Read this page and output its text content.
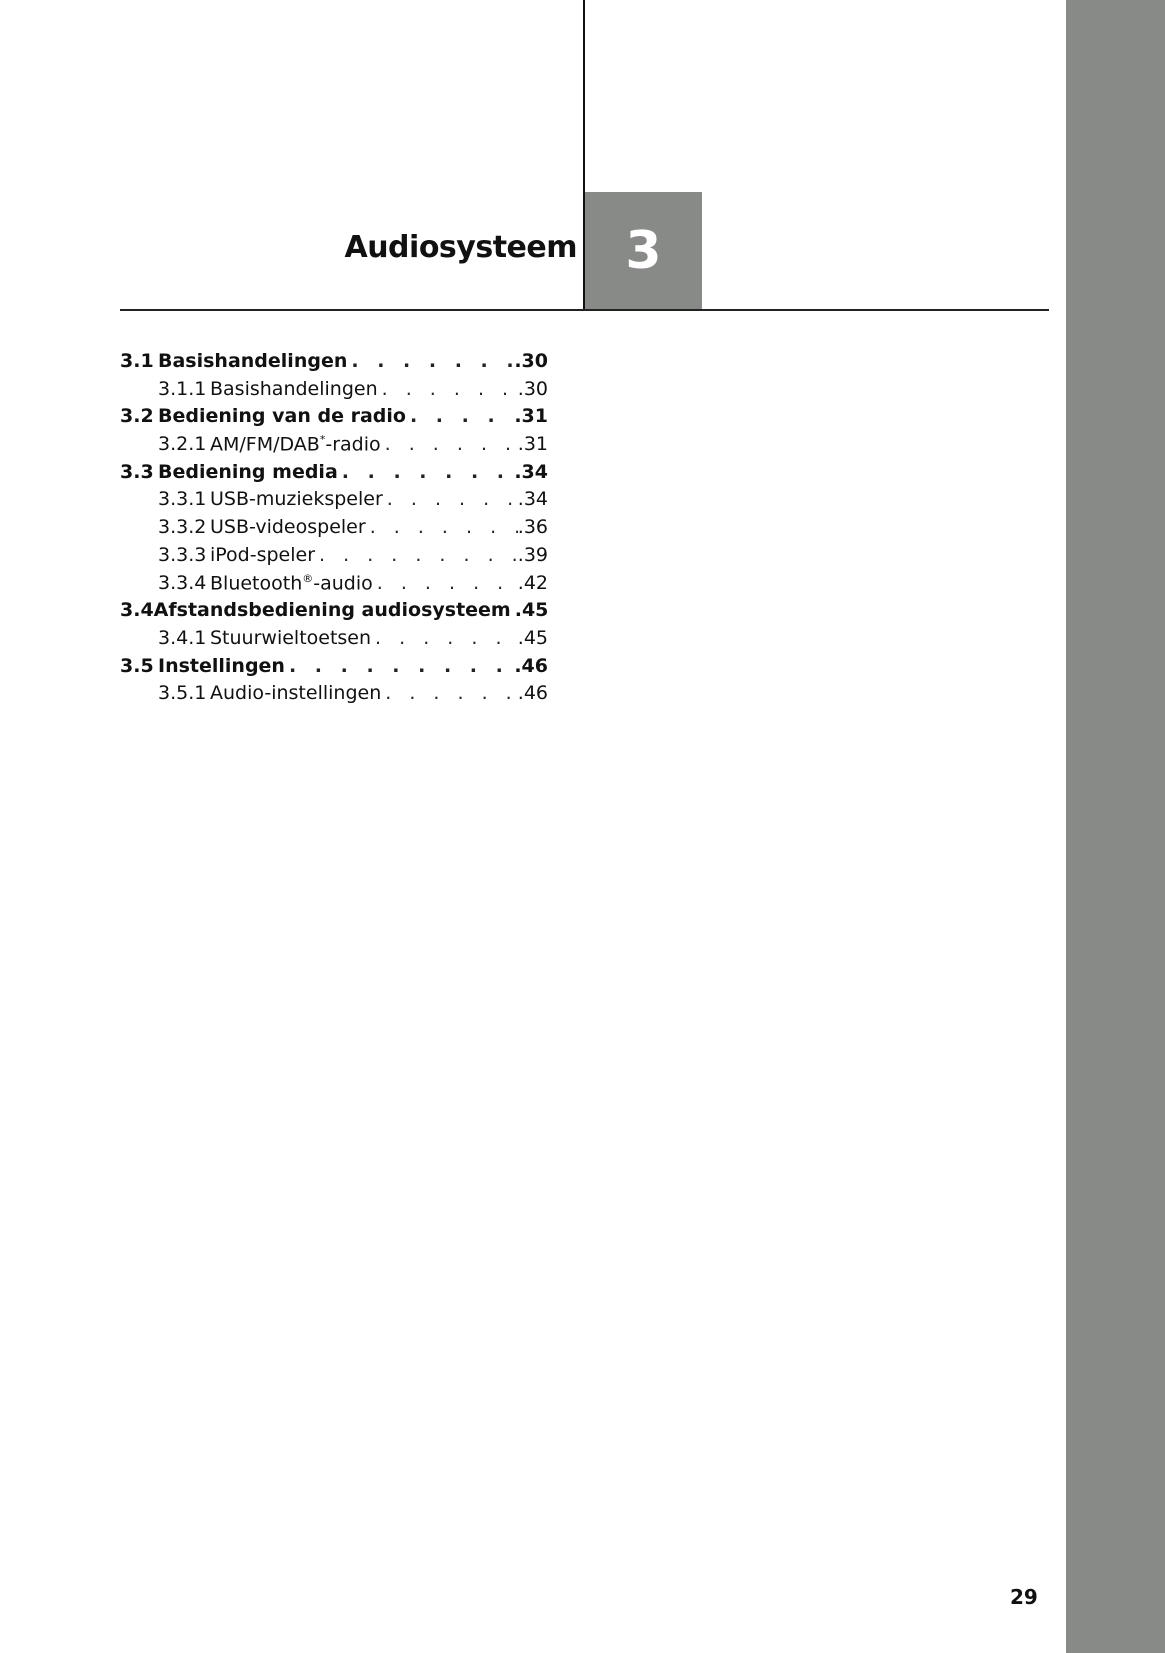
Audiosysteem 3
3.1 Basishandelingen . . .	.30
3.1.1 Basishandelingen . . .	.30
3.2 Bediening van de radio . . .	.31
3.2.1 AM/FM/DAB*-radio . . .	.31
3.3 Bediening media . . .	.34
3.3.1 USB-muziekspeler . . .	.34
3.3.2 USB-videospeler . . .	.36
3.3.3 iPod-speler . . .	.39
3.3.4 Bluetooth®-audio . . .	.42
3.4 Afstandsbediening audiosysteem . . . .45
3.4.1 Stuurwieltoetsen . . .	.45
3.5 Instellingen . . .	.46
3.5.1 Audio-instellingen . . .	.46
29
